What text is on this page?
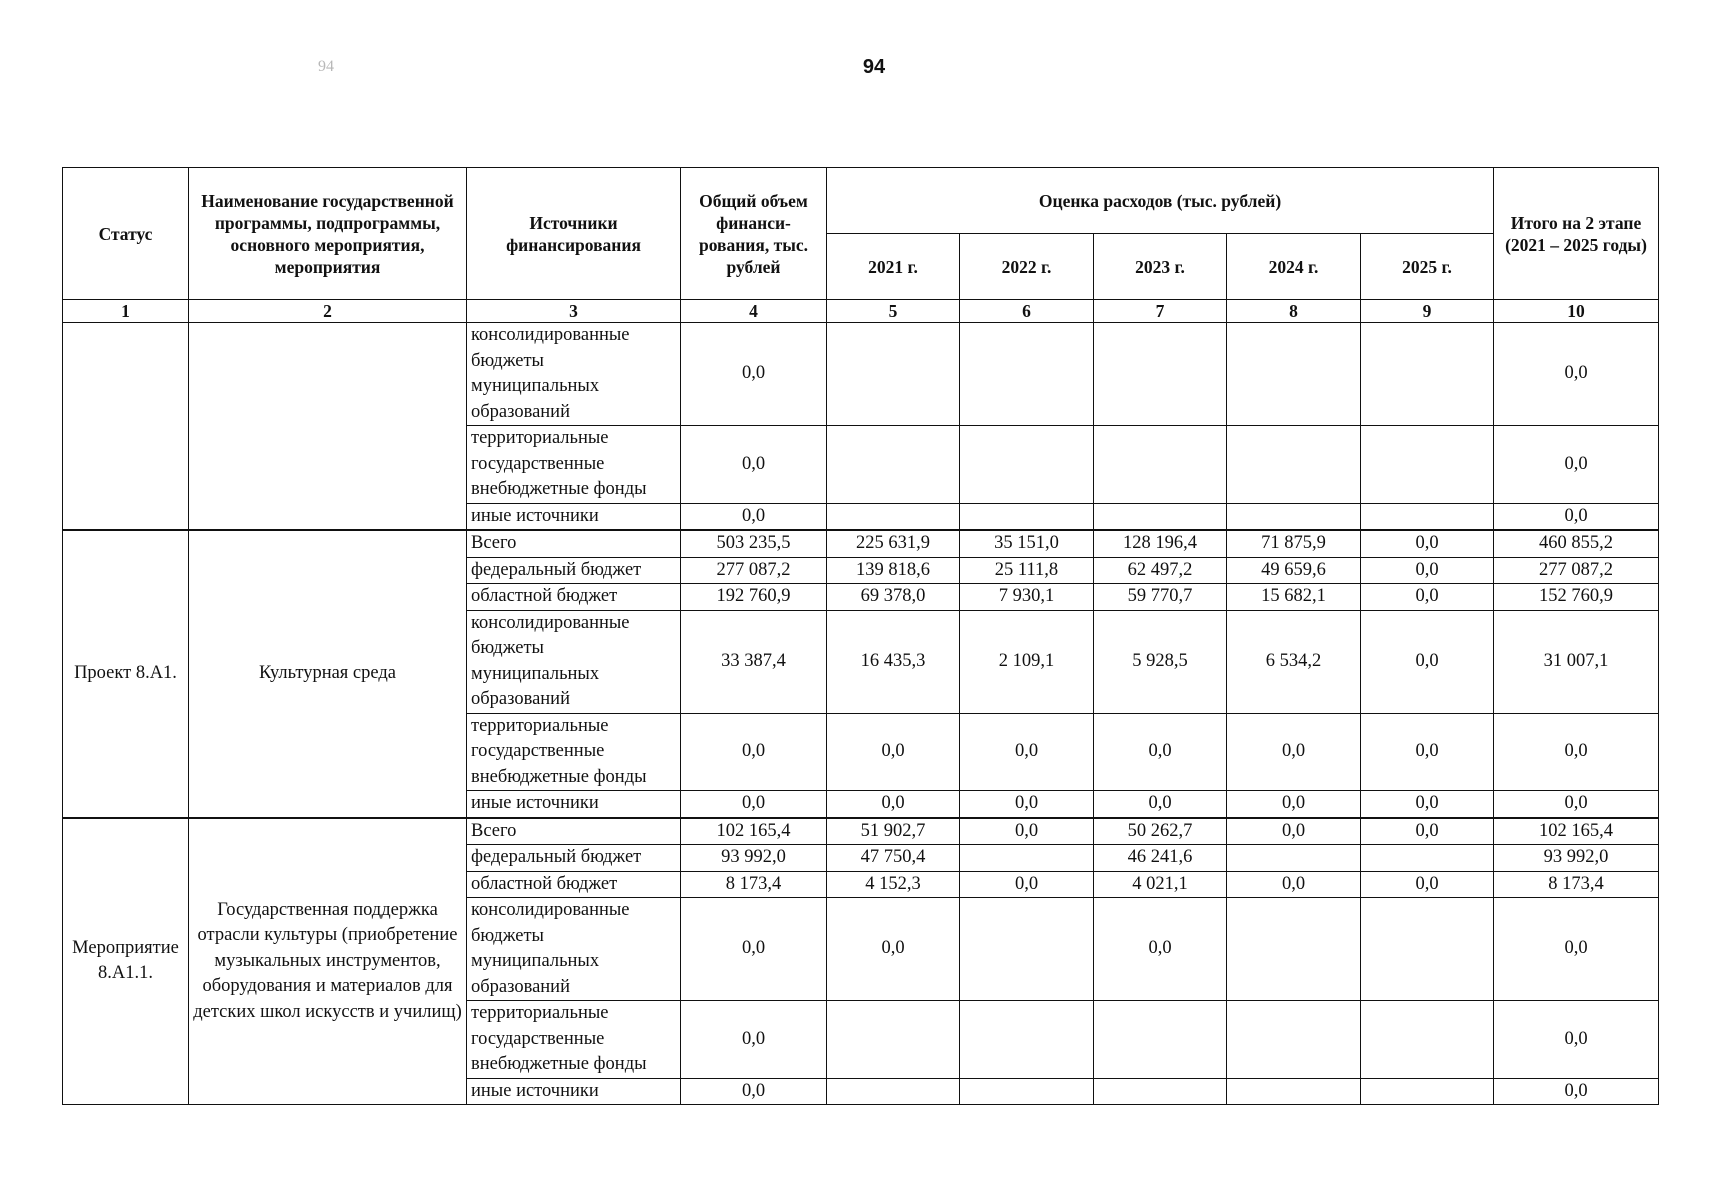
94	94
Статус	Наименование государственной программы, подпрограммы, основного мероприятия, мероприятия	Источники финансирования	Общий объем финанси- рования, тыс. рублей	Оценка расходов (тыс. рублей)					Итого на 2 этапе (2021 – 2025 годы)
				2021 г.	2022 г.	2023 г.	2024 г.	2025 г.	
1	2	3	4	5	6	7	8	9	10
		консолидированные бюджеты муниципальных образований	0,0						0,0
		территориальные государственные внебюджетные фонды	0,0						0,0
		иные источники	0,0						0,0
Проект 8.А1.	Культурная среда	Всего	503 235,5	225 631,9	35 151,0	128 196,4	71 875,9	0,0	460 855,2
		федеральный бюджет	277 087,2	139 818,6	25 111,8	62 497,2	49 659,6	0,0	277 087,2
		областной бюджет	192 760,9	69 378,0	7 930,1	59 770,7	15 682,1	0,0	152 760,9
		консолидированные бюджеты муниципальных образований	33 387,4	16 435,3	2 109,1	5 928,5	6 534,2	0,0	31 007,1
		территориальные государственные внебюджетные фонды	0,0	0,0	0,0	0,0	0,0	0,0	0,0
		иные источники	0,0	0,0	0,0	0,0	0,0	0,0	0,0
Мероприятие 8.А1.1.	Государственная поддержка отрасли культуры (приобретение музыкальных инструментов, оборудования и материалов для детских школ искусств и училищ)	Всего	102 165,4	51 902,7	0,0	50 262,7	0,0	0,0	102 165,4
		федеральный бюджет	93 992,0	47 750,4		46 241,6			93 992,0
		областной бюджет	8 173,4	4 152,3	0,0	4 021,1	0,0	0,0	8 173,4
		консолидированные бюджеты муниципальных образований	0,0	0,0		0,0			0,0
		территориальные государственные внебюджетные фонды	0,0						0,0
		иные источники	0,0						0,0
